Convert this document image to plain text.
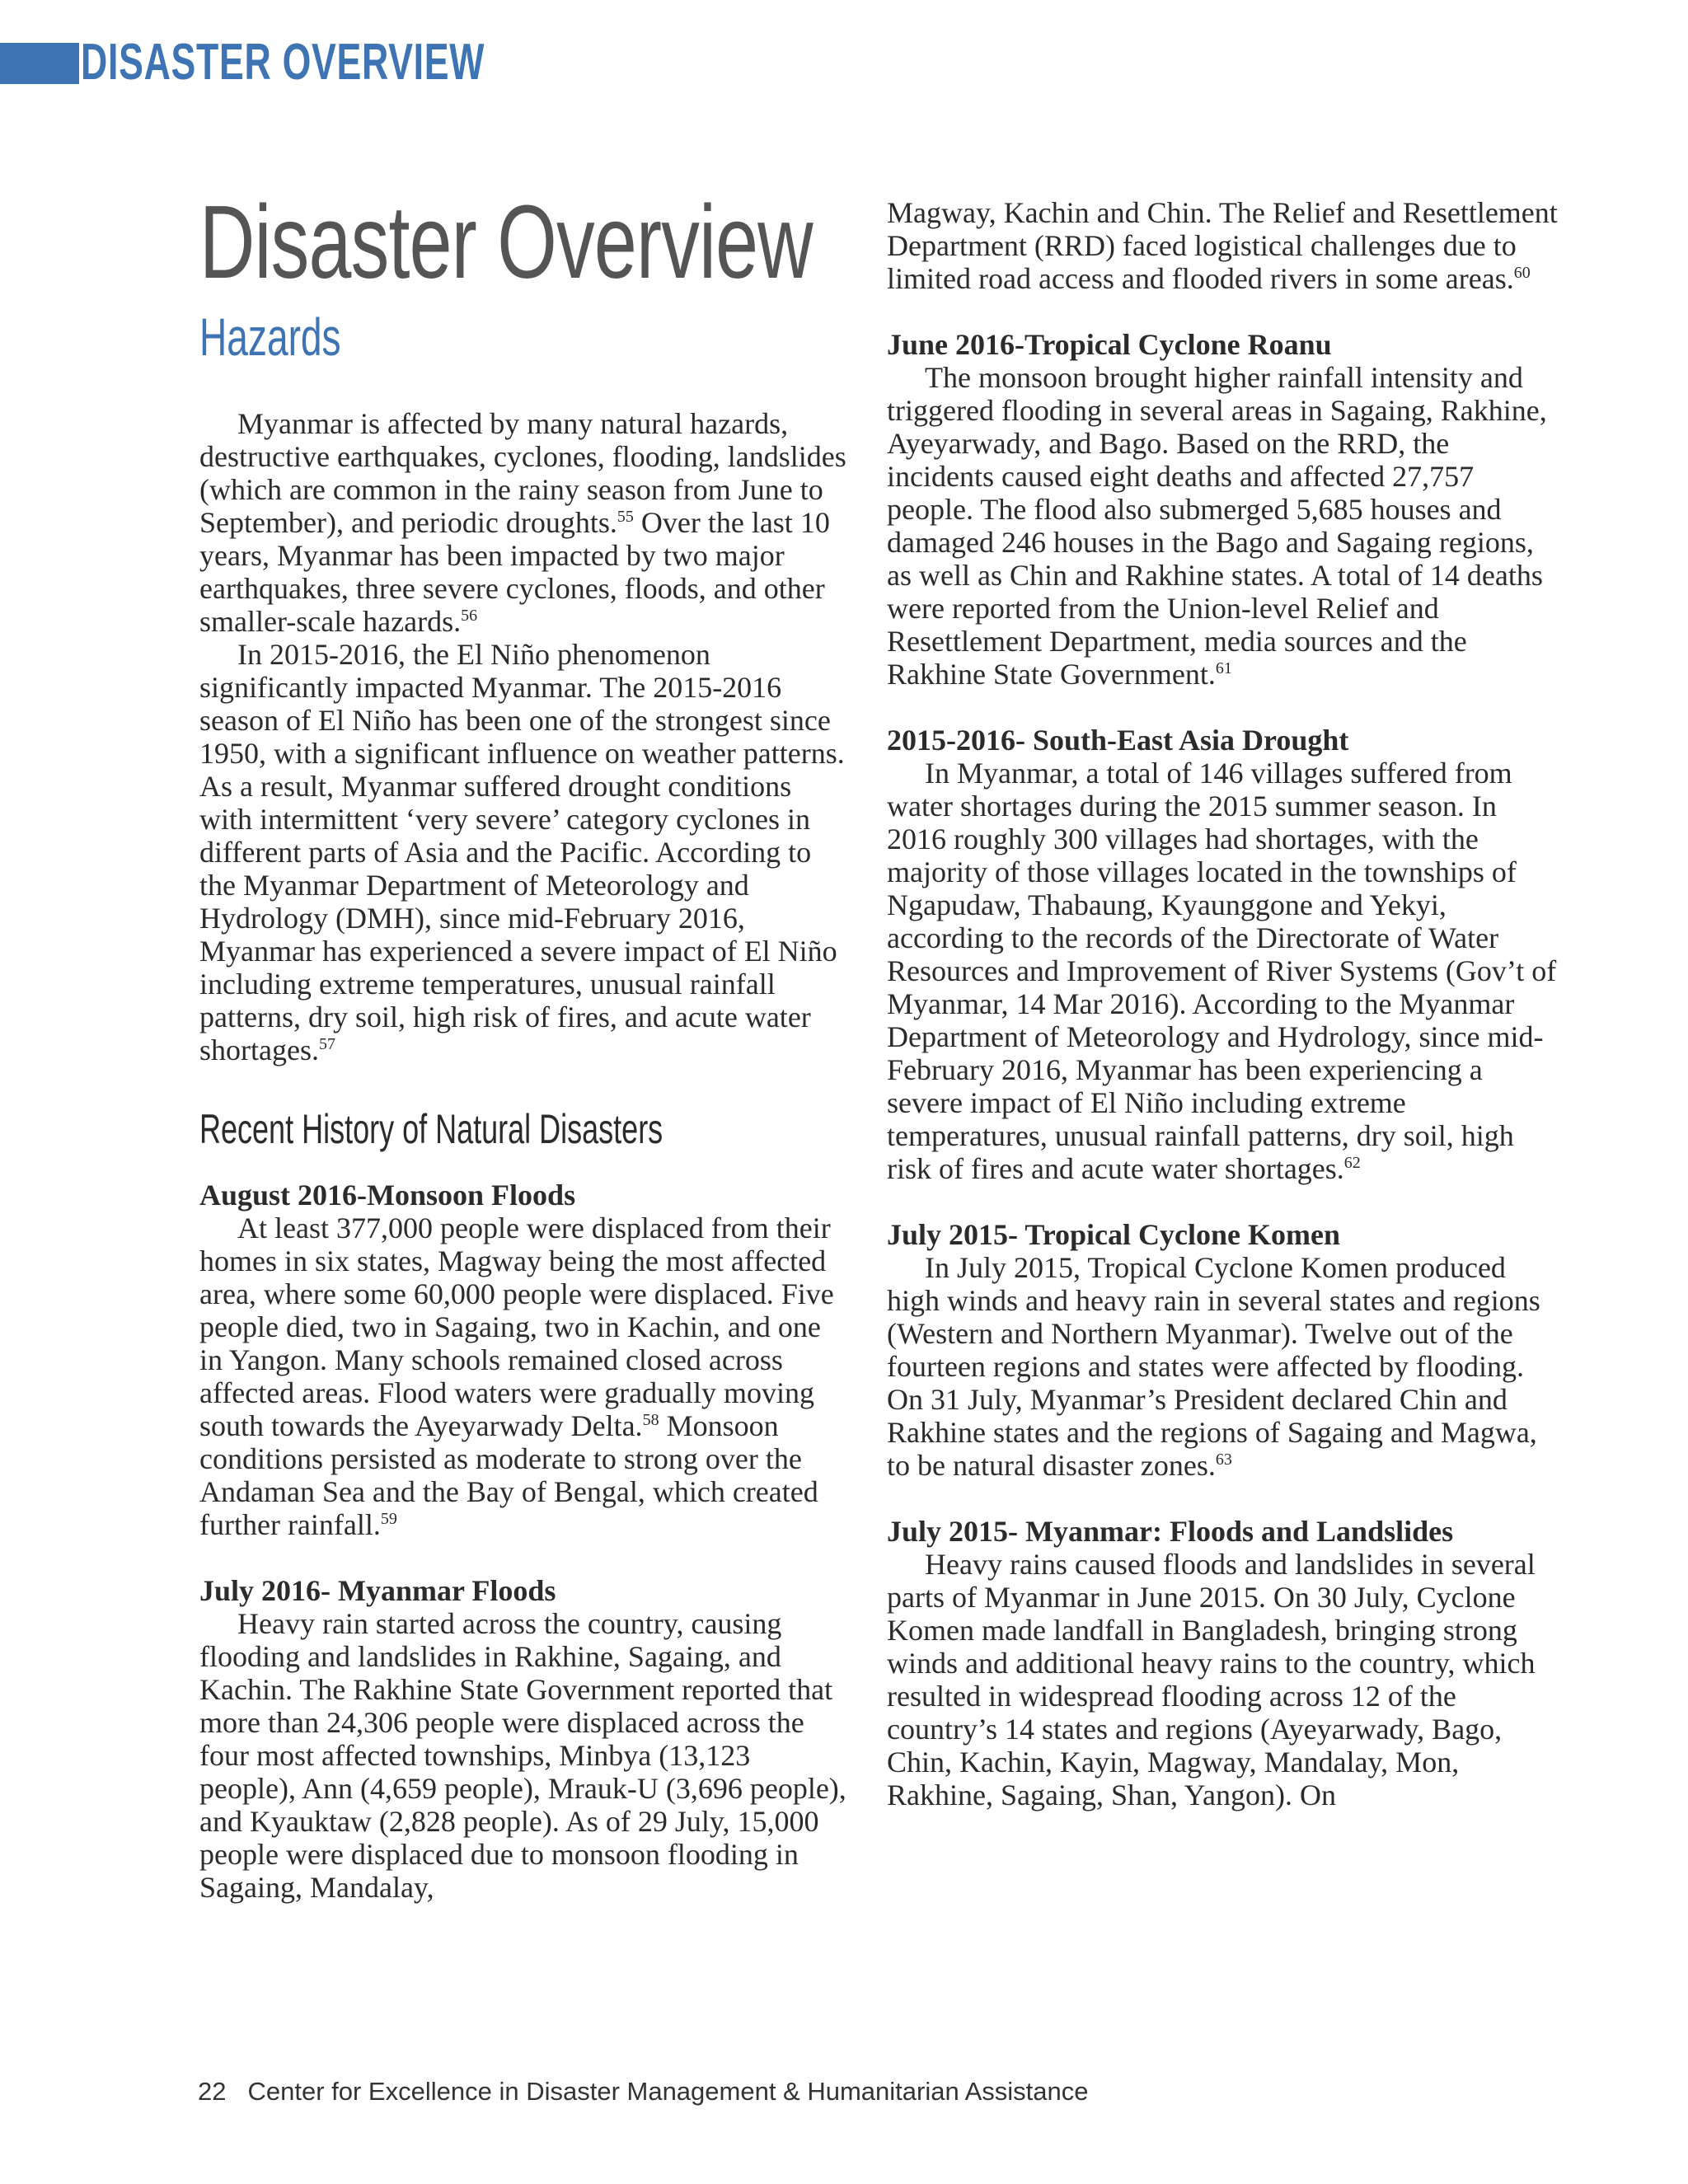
DISASTER OVERVIEW
Disaster Overview
Hazards

Myanmar is affected by many natural hazards, destructive earthquakes, cyclones, flooding, landslides (which are common in the rainy season from June to September), and periodic droughts.$^{55}$ Over the last 10 years, Myanmar has been impacted by two major earthquakes, three severe cyclones, floods, and other smaller-scale hazards.$^{56}$

In 2015-2016, the El Niño phenomenon significantly impacted Myanmar. The 2015-2016 season of El Niño has been one of the strongest since 1950, with a significant influence on weather patterns. As a result, Myanmar suffered drought conditions with intermittent ‘very severe’ category cyclones in different parts of Asia and the Pacific. According to the Myanmar Department of Meteorology and Hydrology (DMH), since mid-February 2016, Myanmar has experienced a severe impact of El Niño including extreme temperatures, unusual rainfall patterns, dry soil, high risk of fires, and acute water shortages.$^{57}$

Recent History of Natural Disasters

August 2016-Monsoon Floods

At least 377,000 people were displaced from their homes in six states, Magway being the most affected area, where some 60,000 people were displaced. Five people died, two in Sagaing, two in Kachin, and one in Yangon. Many schools remained closed across affected areas. Flood waters were gradually moving south towards the Ayeyarwady Delta.$^{58}$ Monsoon conditions persisted as moderate to strong over the Andaman Sea and the Bay of Bengal, which created further rainfall.$^{59}$

July 2016- Myanmar Floods

Heavy rain started across the country, causing flooding and landslides in Rakhine, Sagaing, and Kachin. The Rakhine State Government reported that more than 24,306 people were displaced across the four most affected townships, Minbya (13,123 people), Ann (4,659 people), Mrauk-U (3,696 people), and Kyauktaw (2,828 people). As of 29 July, 15,000 people were displaced due to monsoon flooding in Sagaing, Mandalay,

Magway, Kachin and Chin. The Relief and Resettlement Department (RRD) faced logistical challenges due to limited road access and flooded rivers in some areas.$^{60}$

June 2016-Tropical Cyclone Roanu

The monsoon brought higher rainfall intensity and triggered flooding in several areas in Sagaing, Rakhine, Ayeyarwady, and Bago. Based on the RRD, the incidents caused eight deaths and affected 27,757 people. The flood also submerged 5,685 houses and damaged 246 houses in the Bago and Sagaing regions, as well as Chin and Rakhine states. A total of 14 deaths were reported from the Union-level Relief and Resettlement Department, media sources and the Rakhine State Government.$^{61}$

2015-2016- South-East Asia Drought

In Myanmar, a total of 146 villages suffered from water shortages during the 2015 summer season. In 2016 roughly 300 villages had shortages, with the majority of those villages located in the townships of Ngapudaw, Thabaung, Kyaunggone and Yekyi, according to the records of the Directorate of Water Resources and Improvement of River Systems (Gov’t of Myanmar, 14 Mar 2016). According to the Myanmar Department of Meteorology and Hydrology, since mid-February 2016, Myanmar has been experiencing a severe impact of El Niño including extreme temperatures, unusual rainfall patterns, dry soil, high risk of fires and acute water shortages.$^{62}$

July 2015- Tropical Cyclone Komen

In July 2015, Tropical Cyclone Komen produced high winds and heavy rain in several states and regions (Western and Northern Myanmar). Twelve out of the fourteen regions and states were affected by flooding. On 31 July, Myanmar’s President declared Chin and Rakhine states and the regions of Sagaing and Magwa, to be natural disaster zones.$^{63}$

July 2015- Myanmar: Floods and Landslides

Heavy rains caused floods and landslides in several parts of Myanmar in June 2015. On 30 July, Cyclone Komen made landfall in Bangladesh, bringing strong winds and additional heavy rains to the country, which resulted in widespread flooding across 12 of the country’s 14 states and regions (Ayeyarwady, Bago, Chin, Kachin, Kayin, Magway, Mandalay, Mon, Rakhine, Sagaing, Shan, Yangon). On

22 Center for Excellence in Disaster Management & Humanitarian Assistance
